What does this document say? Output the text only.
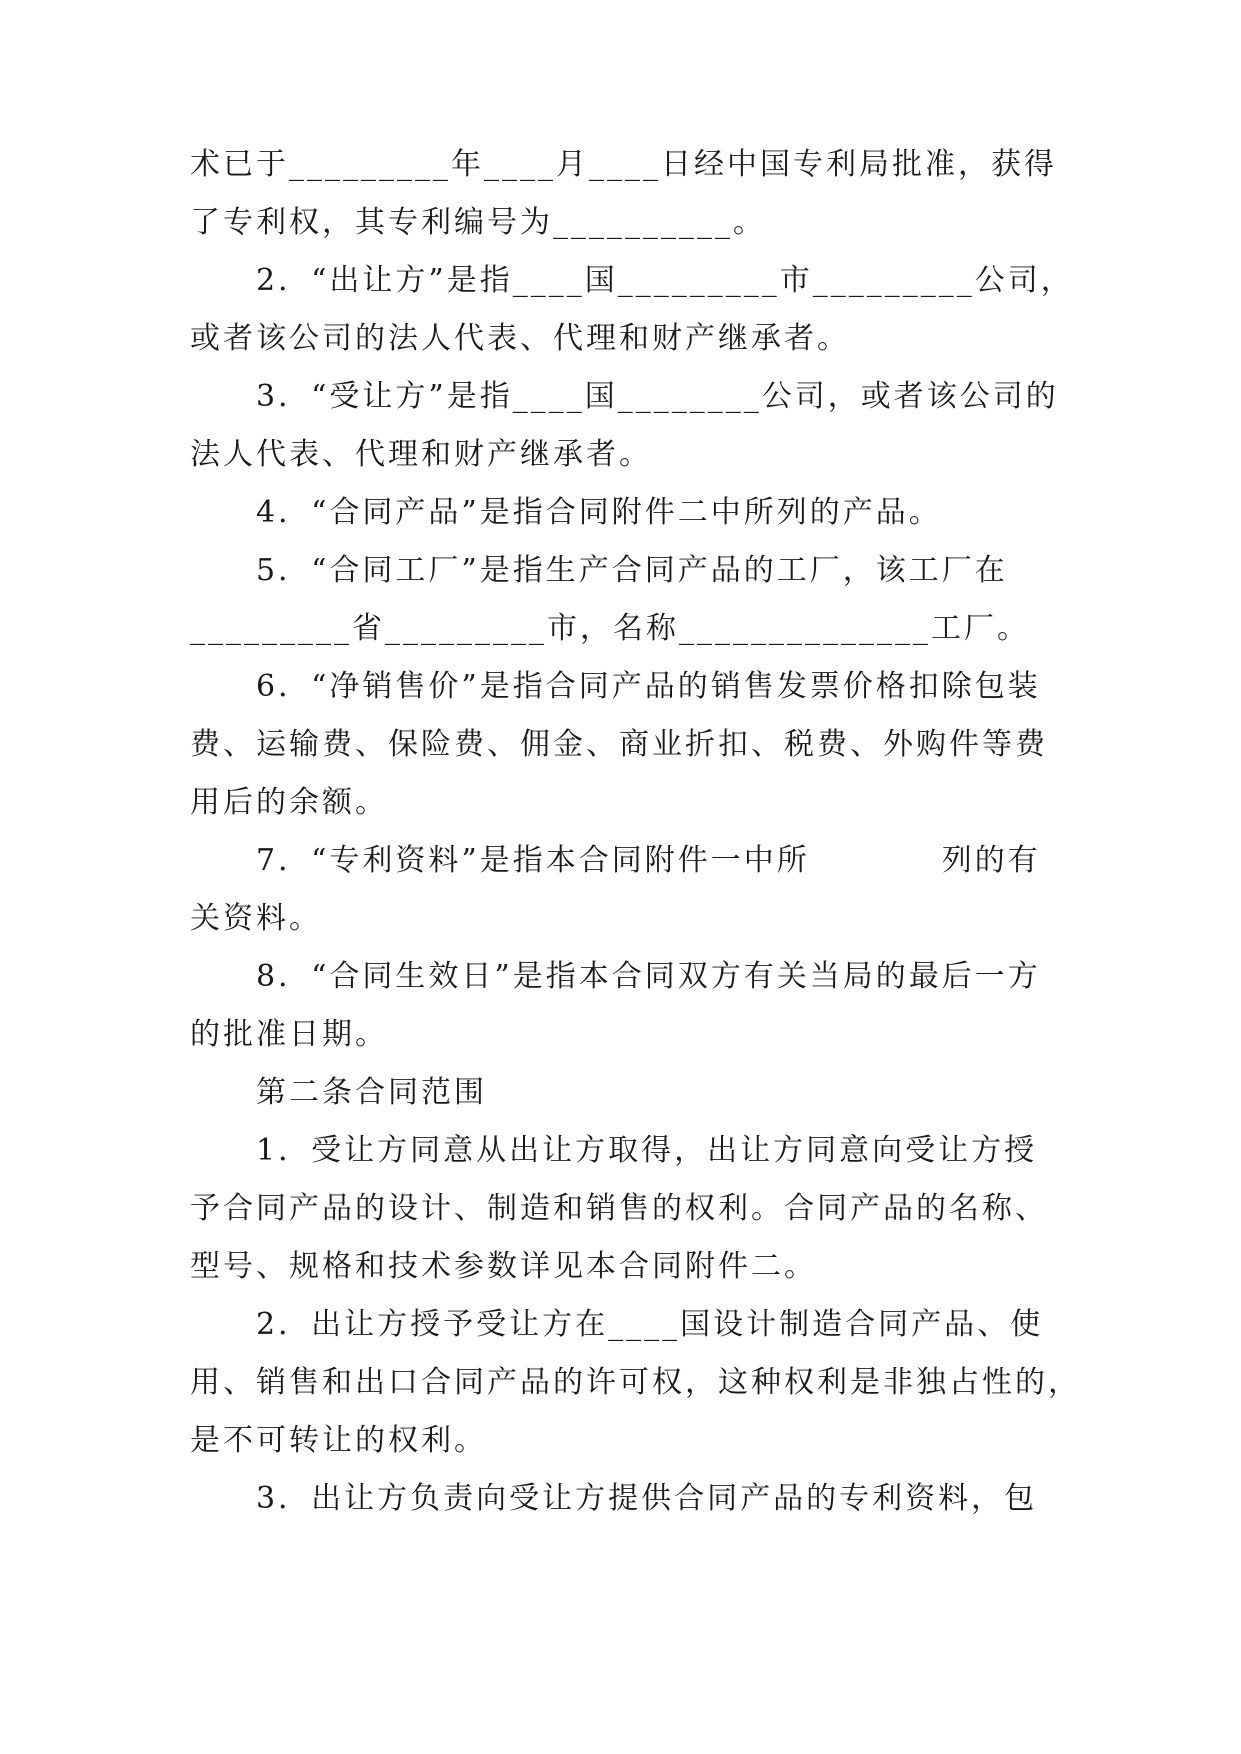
术已于_________年____月____日经中国专利局批准，获得
了专利权，其专利编号为__________。
2．“出让方”是指____国_________市_________公司，
或者该公司的法人代表、代理和财产继承者。
3．“受让方”是指____国________公司，或者该公司的
法人代表、代理和财产继承者。
4．“合同产品”是指合同附件二中所列的产品。
5．“合同工厂”是指生产合同产品的工厂，该工厂在
_________省_________市，名称______________工厂。
6．“净销售价”是指合同产品的销售发票价格扣除包装
费、运输费、保险费、佣金、商业折扣、税费、外购件等费
用后的余额。
7．“专利资料”是指本合同附件一中所　　　　列的有
关资料。
8．“合同生效日”是指本合同双方有关当局的最后一方
的批准日期。
第二条合同范围
1．受让方同意从出让方取得，出让方同意向受让方授
予合同产品的设计、制造和销售的权利。合同产品的名称、
型号、规格和技术参数详见本合同附件二。
2．出让方授予受让方在____国设计制造合同产品、使
用、销售和出口合同产品的许可权，这种权利是非独占性的，
是不可转让的权利。
3．出让方负责向受让方提供合同产品的专利资料，包
